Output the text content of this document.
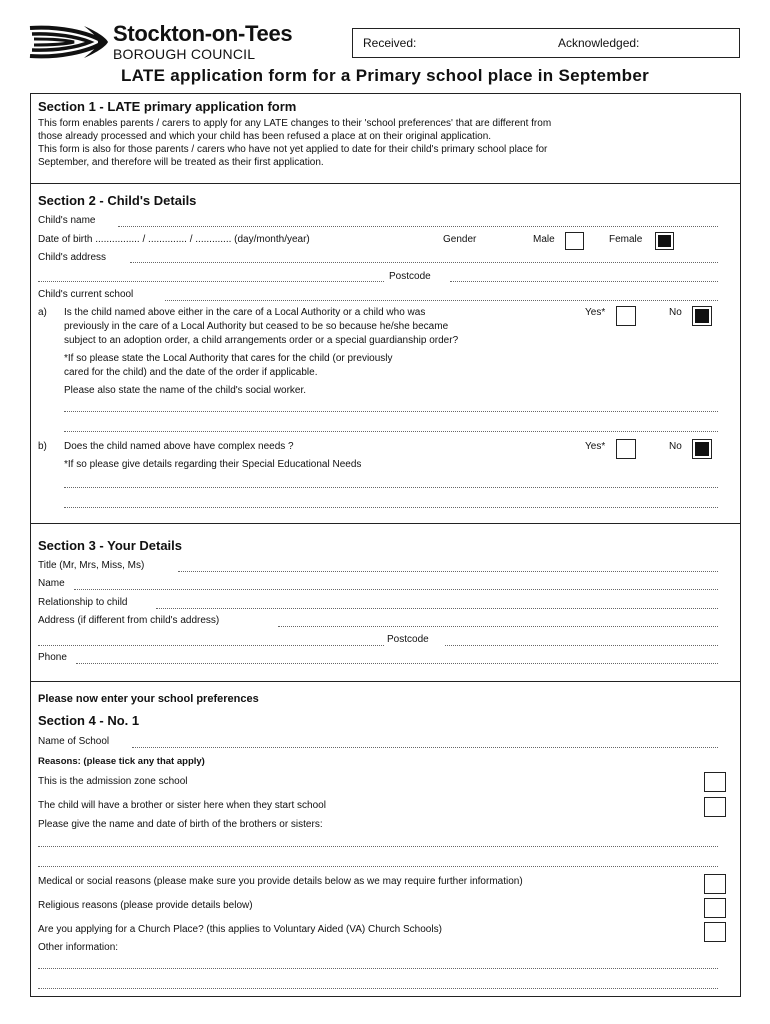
Stockton-on-Tees
BOROUGH COUNCIL
Received:	Acknowledged:
LATE application form for a Primary school place in September
Section 1 - LATE primary application form
This form enables parents / carers to apply for any LATE changes to their 'school preferences' that are different from
those already processed and which your child has been refused a place at on their original application.
This form is also for those parents / carers who have not yet applied to date for their child's primary school place for
September, and therefore will be treated as their first application.
Section 2 - Child's Details
Child's name
Date of birth ................ / .............. / ............. (day/month/year)	Gender	Male	Female
Child's address
Postcode
Child's current school
a) Is the child named above either in the care of a Local Authority or a child who was
previously in the care of a Local Authority but ceased to be so because he/she became
subject to an adoption order, a child arrangements order or a special guardianship order?
Yes*	No
*If so please state the Local Authority that cares for the child (or previously
cared for the child) and the date of the order if applicable.
Please also state the name of the child's social worker.
b) Does the child named above have complex needs ?	Yes*	No
*If so please give details regarding their Special Educational Needs
Section 3 - Your Details
Title (Mr, Mrs, Miss, Ms)
Name
Relationship to child
Address (if different from child's address)
Postcode
Phone
Please now enter your school preferences
Section 4 - No. 1
Name of School
Reasons: (please tick any that apply)
This is the admission zone school
The child will have a brother or sister here when they start school
Please give the name and date of birth of the brothers or sisters:
Medical or social reasons (please make sure you provide details below as we may require further information)
Religious reasons (please provide details below)
Are you applying for a Church Place? (this applies to Voluntary Aided (VA) Church Schools)
Other information:
